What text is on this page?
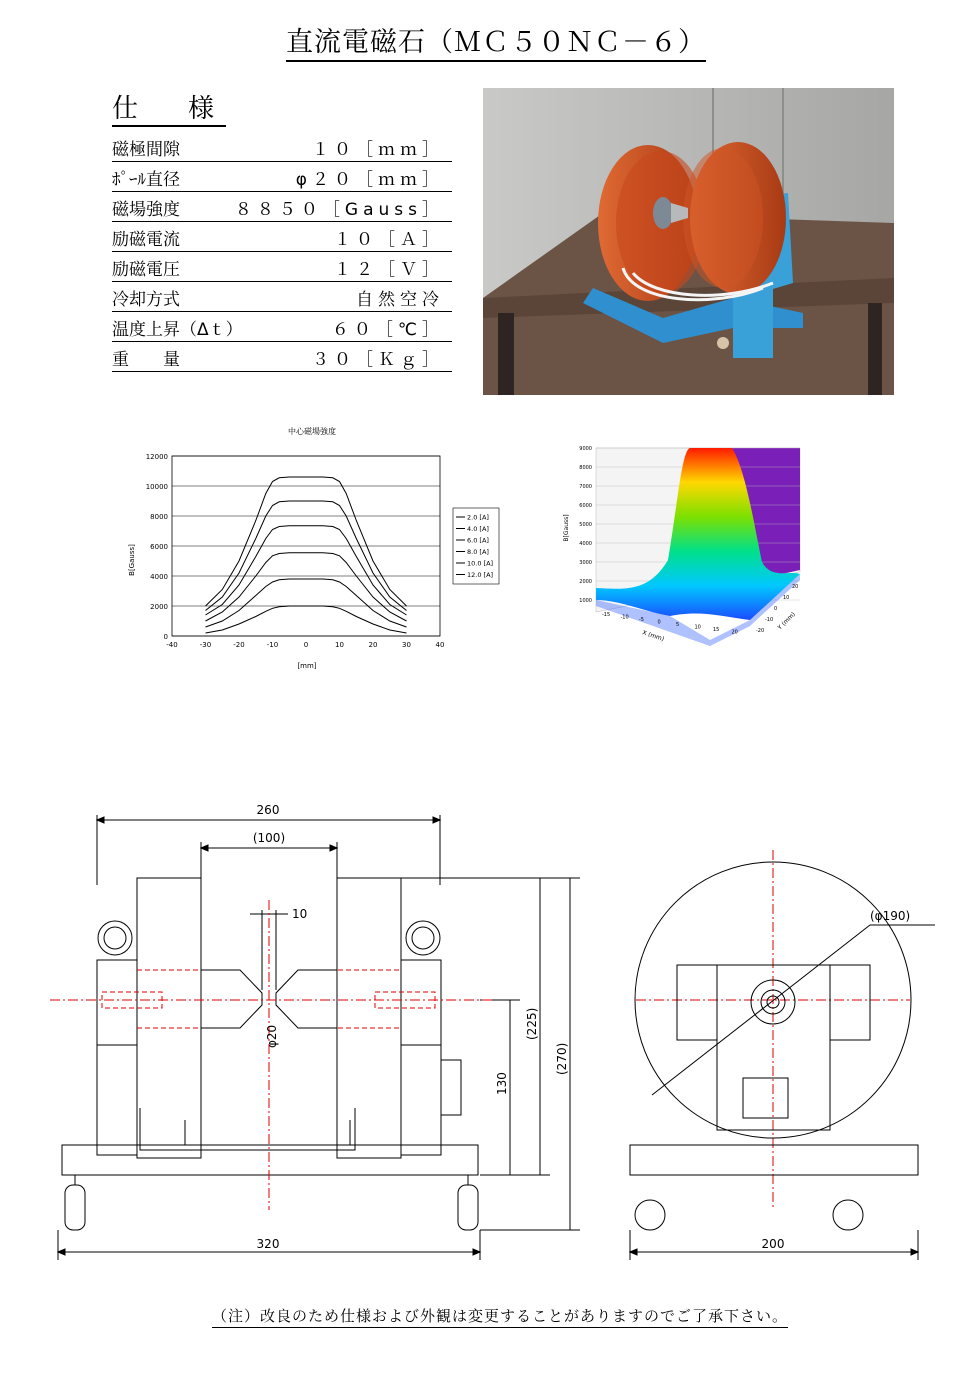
直流電磁石（ＭＣ５０ＮＣ－６）
仕　様
磁極間隙	１０［ｍｍ］
ﾎﾟｰﾙ直径	φ２０［ｍｍ］
磁場強度	８８５０［Gauss］
励磁電流	１０［Ａ］
励磁電圧	１２［Ｖ］
冷却方式	自然空冷
温度上昇（Δｔ）	６０［℃］
重　　量	３０［Ｋｇ］
中心磁場強度
B[Gauss]
[mm]
0
2000
4000
6000
8000
10000
12000
-40	-30	-20	-10	0	10	20	30	40
2.0 [A]
4.0 [A]
6.0 [A]
8.0 [A]
10.0 [A]
12.0 [A]
1000
2000
3000
4000
5000
6000
7000
8000
9000
-15 -10 -5	0	5	10 15 20	-20
-10
0
10
20
B[Gauss]
X (mm)
Y (mm)
260
(100)
10
φ20
130
(225)
(270)
320
(φ190)
200
（注）改良のため仕様および外観は変更することがありますのでご了承下さい。
